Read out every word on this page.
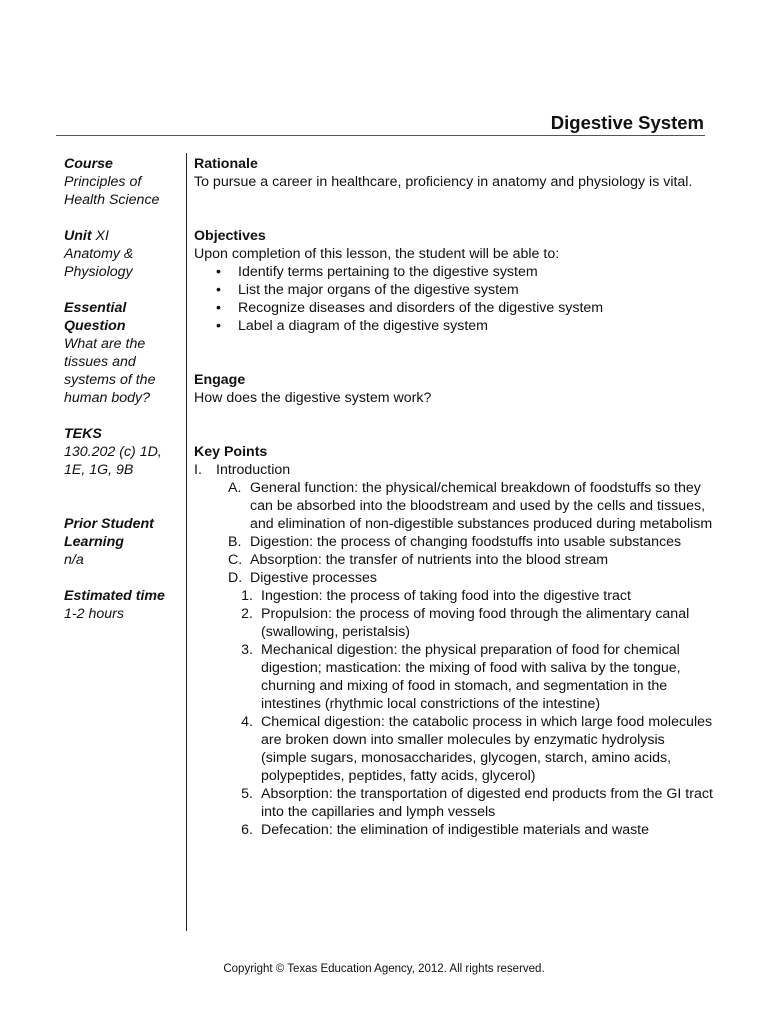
Digestive System
Course
Principles of Health Science
Unit XI
Anatomy & Physiology
Essential Question
What are the tissues and systems of the human body?
TEKS
130.202 (c) 1D, 1E, 1G, 9B
Prior Student Learning
n/a
Estimated time
1-2 hours
Rationale
To pursue a career in healthcare, proficiency in anatomy and physiology is vital.
Objectives
Upon completion of this lesson, the student will be able to:
• Identify terms pertaining to the digestive system
• List the major organs of the digestive system
• Recognize diseases and disorders of the digestive system
• Label a diagram of the digestive system
Engage
How does the digestive system work?
Key Points
I. Introduction
A. General function: the physical/chemical breakdown of foodstuffs so they can be absorbed into the bloodstream and used by the cells and tissues, and elimination of non-digestible substances produced during metabolism
B. Digestion: the process of changing foodstuffs into usable substances
C. Absorption: the transfer of nutrients into the blood stream
D. Digestive processes
1. Ingestion: the process of taking food into the digestive tract
2. Propulsion: the process of moving food through the alimentary canal (swallowing, peristalsis)
3. Mechanical digestion: the physical preparation of food for chemical digestion; mastication: the mixing of food with saliva by the tongue, churning and mixing of food in stomach, and segmentation in the intestines (rhythmic local constrictions of the intestine)
4. Chemical digestion: the catabolic process in which large food molecules are broken down into smaller molecules by enzymatic hydrolysis (simple sugars, monosaccharides, glycogen, starch, amino acids, polypeptides, peptides, fatty acids, glycerol)
5. Absorption: the transportation of digested end products from the GI tract into the capillaries and lymph vessels
6. Defecation: the elimination of indigestible materials and waste
Copyright © Texas Education Agency, 2012. All rights reserved.
